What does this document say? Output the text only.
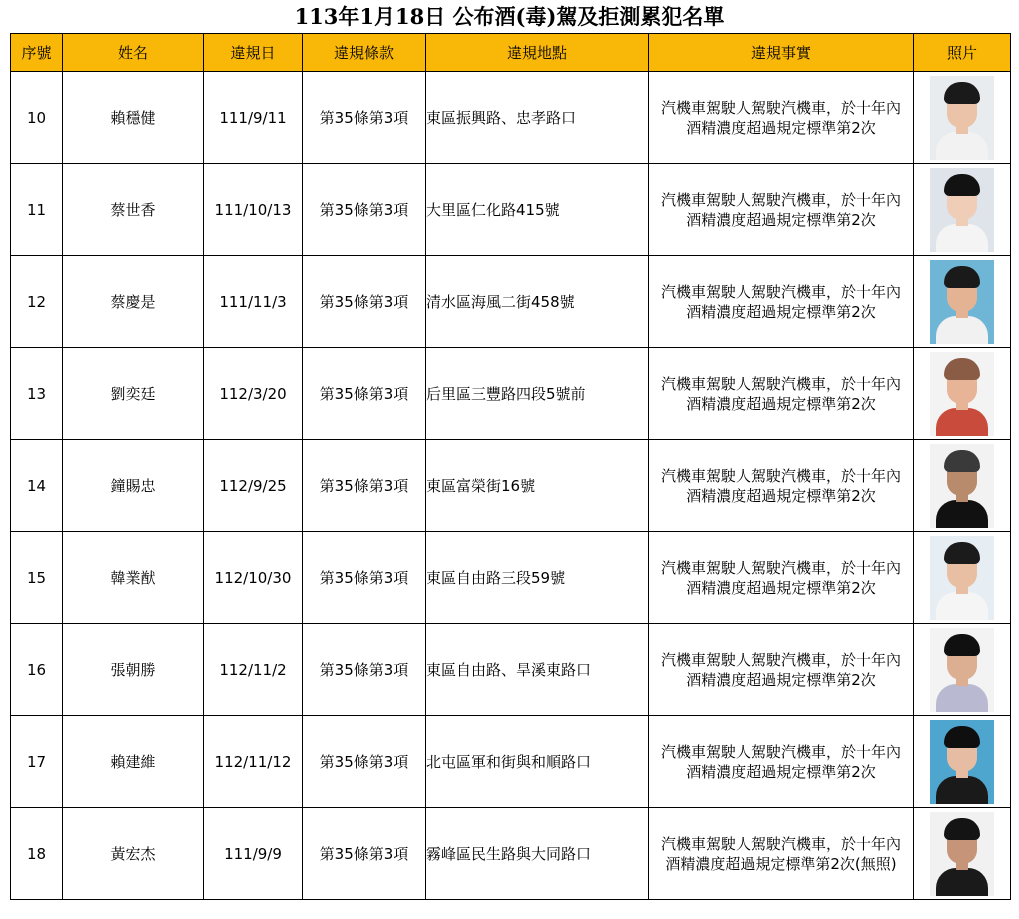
113年1月18日 公布酒(毒)駕及拒測累犯名單
序號	姓名	違規日	違規條款	違規地點	違規事實	照片
10	賴穩健	111/9/11	第35條第3項	東區振興路、忠孝路口	汽機車駕駛人駕駛汽機車，於十年內
酒精濃度超過規定標準第2次	

11	蔡世香	111/10/13	第35條第3項	大里區仁化路415號	汽機車駕駛人駕駛汽機車，於十年內
酒精濃度超過規定標準第2次	

12	蔡慶是	111/11/3	第35條第3項	清水區海風二街458號	汽機車駕駛人駕駛汽機車，於十年內
酒精濃度超過規定標準第2次	

13	劉奕廷	112/3/20	第35條第3項	后里區三豐路四段5號前	汽機車駕駛人駕駛汽機車，於十年內
酒精濃度超過規定標準第2次	

14	鐘賜忠	112/9/25	第35條第3項	東區富榮街16號	汽機車駕駛人駕駛汽機車，於十年內
酒精濃度超過規定標準第2次	

15	韓業猷	112/10/30	第35條第3項	東區自由路三段59號	汽機車駕駛人駕駛汽機車，於十年內
酒精濃度超過規定標準第2次	

16	張朝勝	112/11/2	第35條第3項	東區自由路、旱溪東路口	汽機車駕駛人駕駛汽機車，於十年內
酒精濃度超過規定標準第2次	

17	賴建維	112/11/12	第35條第3項	北屯區軍和街與和順路口	汽機車駕駛人駕駛汽機車，於十年內
酒精濃度超過規定標準第2次	

18	黃宏杰	111/9/9	第35條第3項	霧峰區民生路與大同路口	汽機車駕駛人駕駛汽機車，於十年內
酒精濃度超過規定標準第2次(無照)	
